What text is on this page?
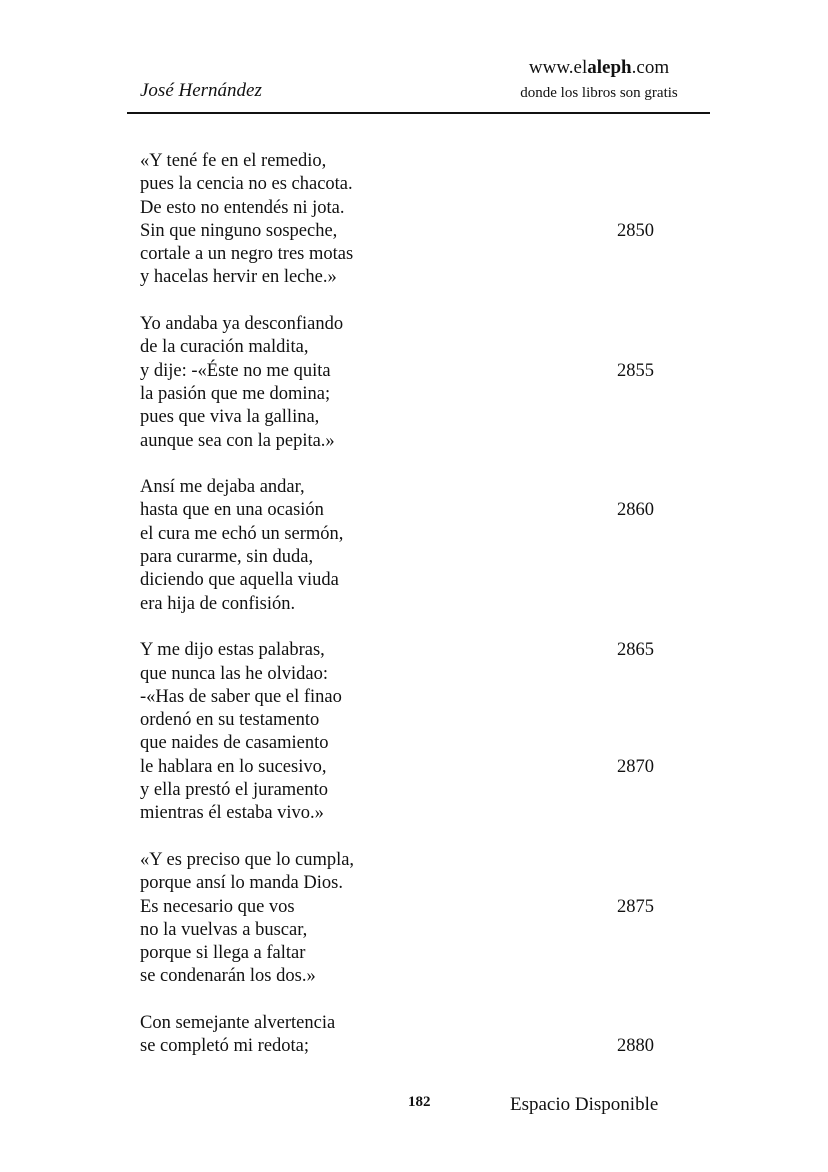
José Hernández
www.elaleph.com
donde los libros son gratis
«Y tené fe en el remedio,
pues la cencia no es chacota.
De esto no entendés ni jota.
Sin que ninguno sospeche,	2850
cortale a un negro tres motas
y hacelas hervir en leche.»
Yo andaba ya desconfiando
de la curación maldita,
y dije: -«Éste no me quita	2855
la pasión que me domina;
pues que viva la gallina,
aunque sea con la pepita.»
Ansí me dejaba andar,
hasta que en una ocasión	2860
el cura me echó un sermón,
para curarme, sin duda,
diciendo que aquella viuda
era hija de confisión.
Y me dijo estas palabras,	2865
que nunca las he olvidao:
-«Has de saber que el finao
ordenó en su testamento
que naides de casamiento
le hablara en lo sucesivo,	2870
y ella prestó el juramento
mientras él estaba vivo.»
«Y es preciso que lo cumpla,
porque ansí lo manda Dios.
Es necesario que vos	2875
no la vuelvas a buscar,
porque si llega a faltar
se condenarán los dos.»
Con semejante alvertencia
se completó mi redota;	2880
182	Espacio Disponible
